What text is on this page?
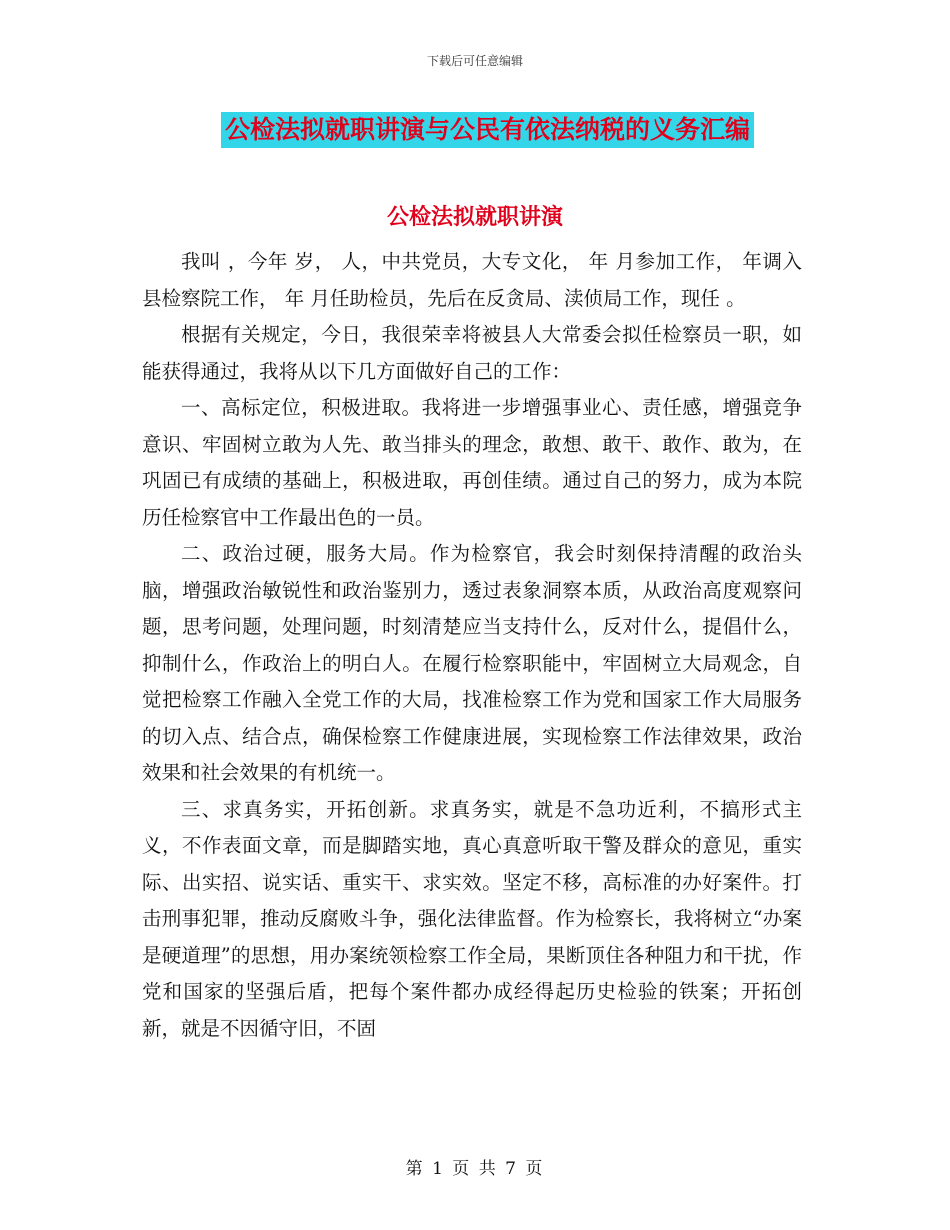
下载后可任意编辑
公检法拟就职讲演与公民有依法纳税的义务汇编
公检法拟就职讲演

我叫 ，今年 岁， 人，中共党员，大专文化， 年 月参加工作， 年调入县检察院工作， 年 月任助检员，先后在反贪局、渎侦局工作，现任 。

根据有关规定，今日，我很荣幸将被县人大常委会拟任检察员一职，如能获得通过，我将从以下几方面做好自己的工作：

一、高标定位，积极进取。我将进一步增强事业心、责任感，增强竞争意识、牢固树立敢为人先、敢当排头的理念，敢想、敢干、敢作、敢为，在巩固已有成绩的基础上，积极进取，再创佳绩。通过自己的努力，成为本院历任检察官中工作最出色的一员。

二、政治过硬，服务大局。作为检察官，我会时刻保持清醒的政治头脑，增强政治敏锐性和政治鉴别力，透过表象洞察本质，从政治高度观察问题，思考问题，处理问题，时刻清楚应当支持什么，反对什么，提倡什么，抑制什么，作政治上的明白人。在履行检察职能中，牢固树立大局观念，自觉把检察工作融入全党工作的大局，找准检察工作为党和国家工作大局服务的切入点、结合点，确保检察工作健康进展，实现检察工作法律效果，政治效果和社会效果的有机统一。

三、求真务实，开拓创新。求真务实，就是不急功近利，不搞形式主义，不作表面文章，而是脚踏实地，真心真意听取干警及群众的意见，重实际、出实招、说实话、重实干、求实效。坚定不移，高标准的办好案件。打击刑事犯罪，推动反腐败斗争，强化法律监督。作为检察长，我将树立“办案是硬道理”的思想，用办案统领检察工作全局，果断顶住各种阻力和干扰，作党和国家的坚强后盾，把每个案件都办成经得起历史检验的铁案；开拓创新，就是不因循守旧，不固

第 1 页 共 7 页
